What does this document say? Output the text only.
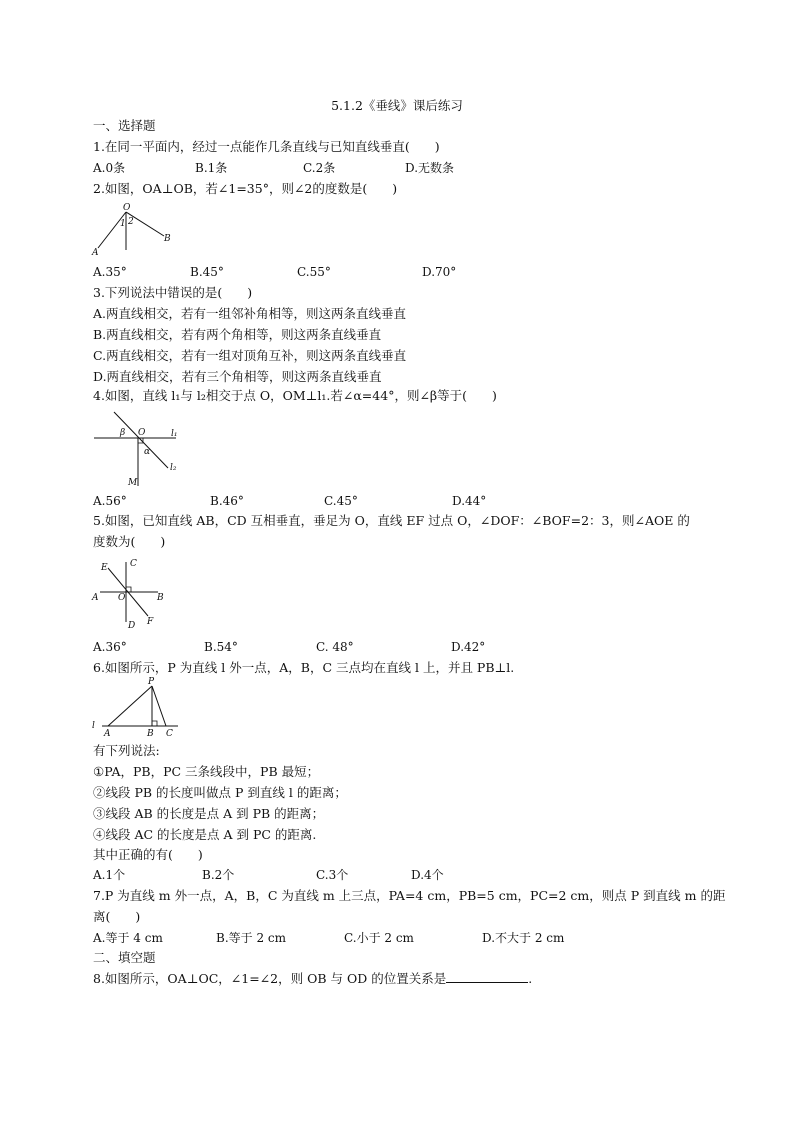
5.1.2《垂线》课后练习
一、选择题
1.在同一平面内，经过一点能作几条直线与已知直线垂直(　　)
A.0条	B.1条	C.2条	D.无数条
2.如图，OA⊥OB，若∠1=35°，则∠2的度数是(　　)
O
A
B
1 2
A.35°	B.45°	C.55°	D.70°
3.下列说法中错误的是(　　)
A.两直线相交，若有一组邻补角相等，则这两条直线垂直
B.两直线相交，若有两个角相等，则这两条直线垂直
C.两直线相交，若有一组对顶角互补，则这两条直线垂直
D.两直线相交，若有三个角相等，则这两条直线垂直
4.如图，直线 l₁与 l₂相交于点 O，OM⊥l₁.若∠α=44°，则∠β等于(　　)
β O	l₁
α
l₂
M
A.56°	B.46°	C.45°	D.44°
5.如图，已知直线 AB，CD 互相垂直，垂足为 O，直线 EF 过点 O，∠DOF：∠BOF=2：3，则∠AOE 的
度数为(　　)
E C
A O	B
D F
A.36°	B.54°	C. 48°	D.42°
6.如图所示，P 为直线 l 外一点，A，B，C 三点均在直线 l 上，并且 PB⊥l.
P
l
A	B C
有下列说法:
①PA，PB，PC 三条线段中，PB 最短；
②线段 PB 的长度叫做点 P 到直线 l 的距离；
③线段 AB 的长度是点 A 到 PB 的距离；
④线段 AC 的长度是点 A 到 PC 的距离.
其中正确的有(　　)
A.1个	B.2个	C.3个	D.4个
7.P 为直线 m 外一点，A，B，C 为直线 m 上三点，PA=4 cm，PB=5 cm，PC=2 cm，则点 P 到直线 m 的距
离(　　)
A.等于 4 cm	B.等于 2 cm	C.小于 2 cm	D.不大于 2 cm
二、填空题
8.如图所示，OA⊥OC，∠1=∠2，则 OB 与 OD 的位置关系是	.
